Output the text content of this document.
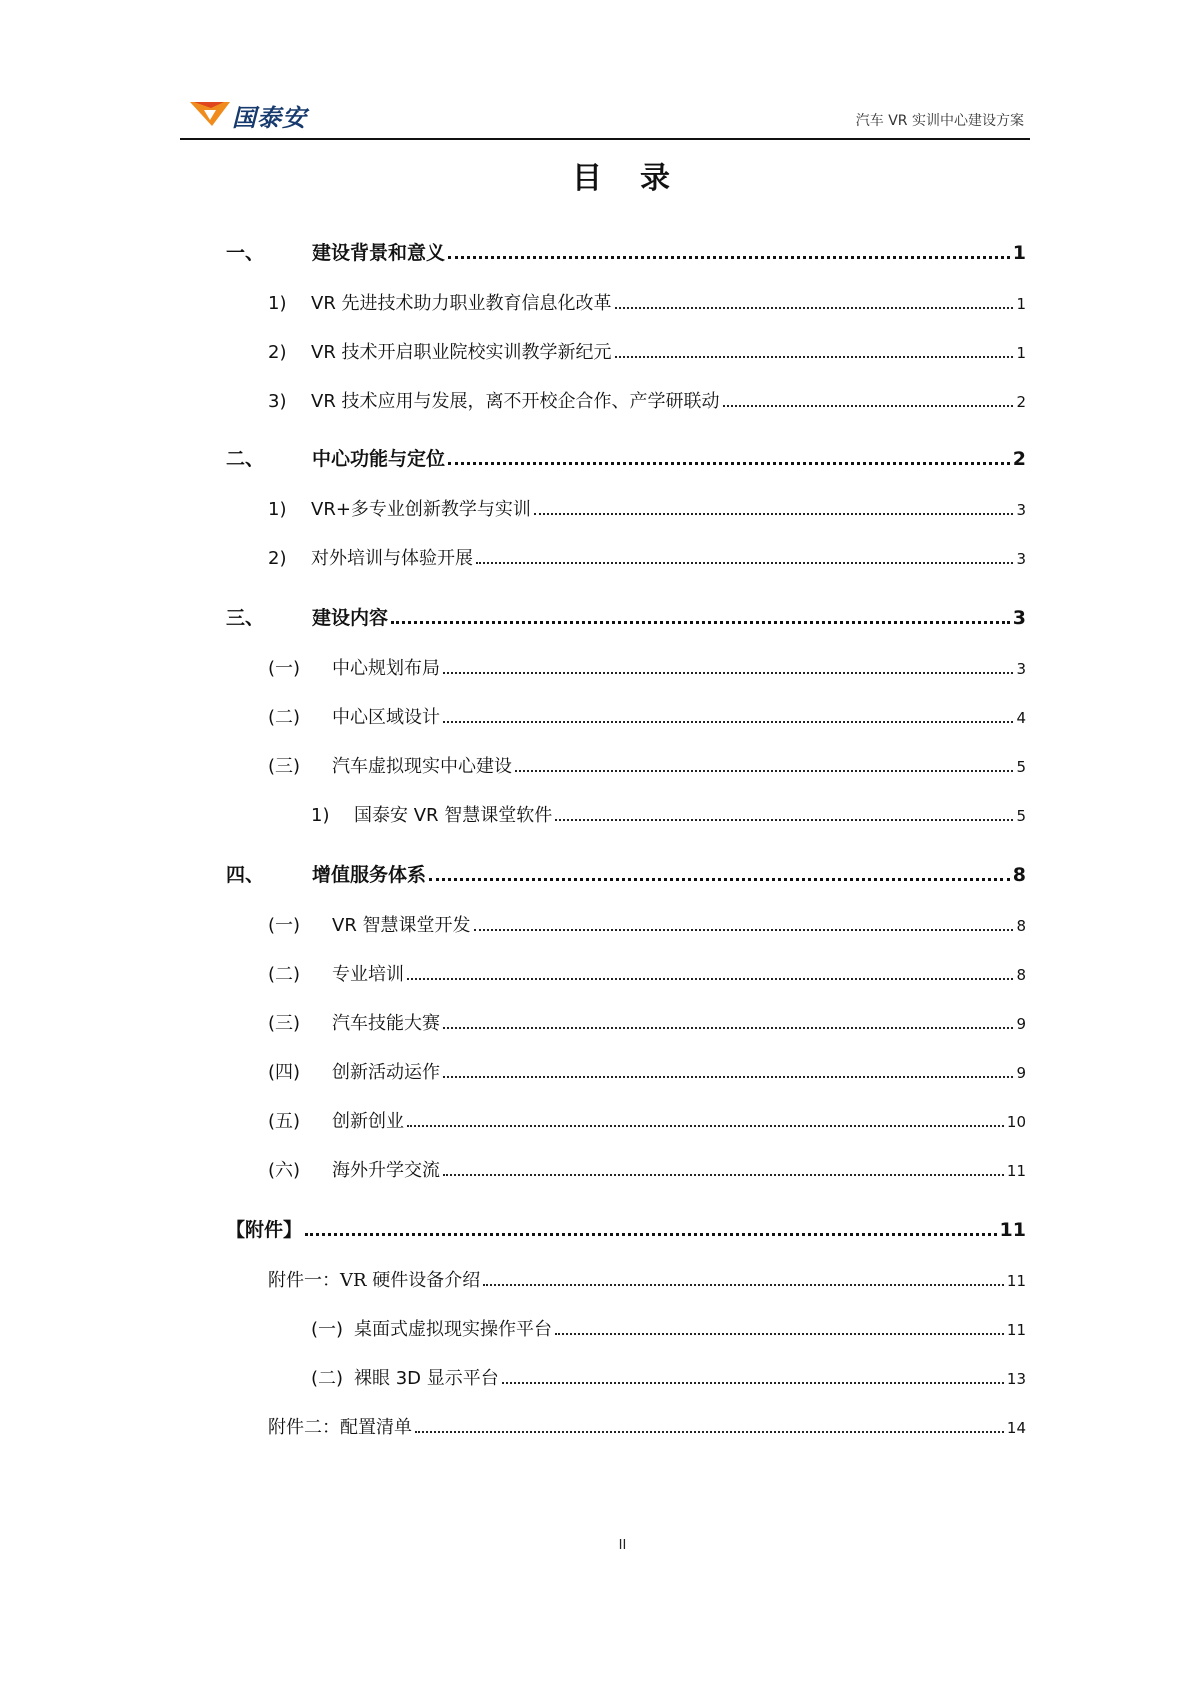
国泰安	汽车 VR 实训中心建设方案
目录
一、	建设背景和意义	1
1)	VR 先进技术助力职业教育信息化改革	1
2)	VR 技术开启职业院校实训教学新纪元	1
3)	VR 技术应用与发展，离不开校企合作、产学研联动	2
二、	中心功能与定位	2
1)	VR+多专业创新教学与实训	3
2)	对外培训与体验开展	3
三、	建设内容	3
(一)	中心规划布局	3
(二)	中心区域设计	4
(三)	汽车虚拟现实中心建设	5
1)	国泰安 VR 智慧课堂软件	5
四、	增值服务体系	8
(一)	VR 智慧课堂开发	8
(二)	专业培训	8
(三)	汽车技能大赛	9
(四)	创新活动运作	9
(五)	创新创业	10
(六)	海外升学交流	11
【附件】	11
附件一：VR 硬件设备介绍	11
(一) 桌面式虚拟现实操作平台	11
(二) 裸眼 3D 显示平台	13
附件二：配置清单	14
II
